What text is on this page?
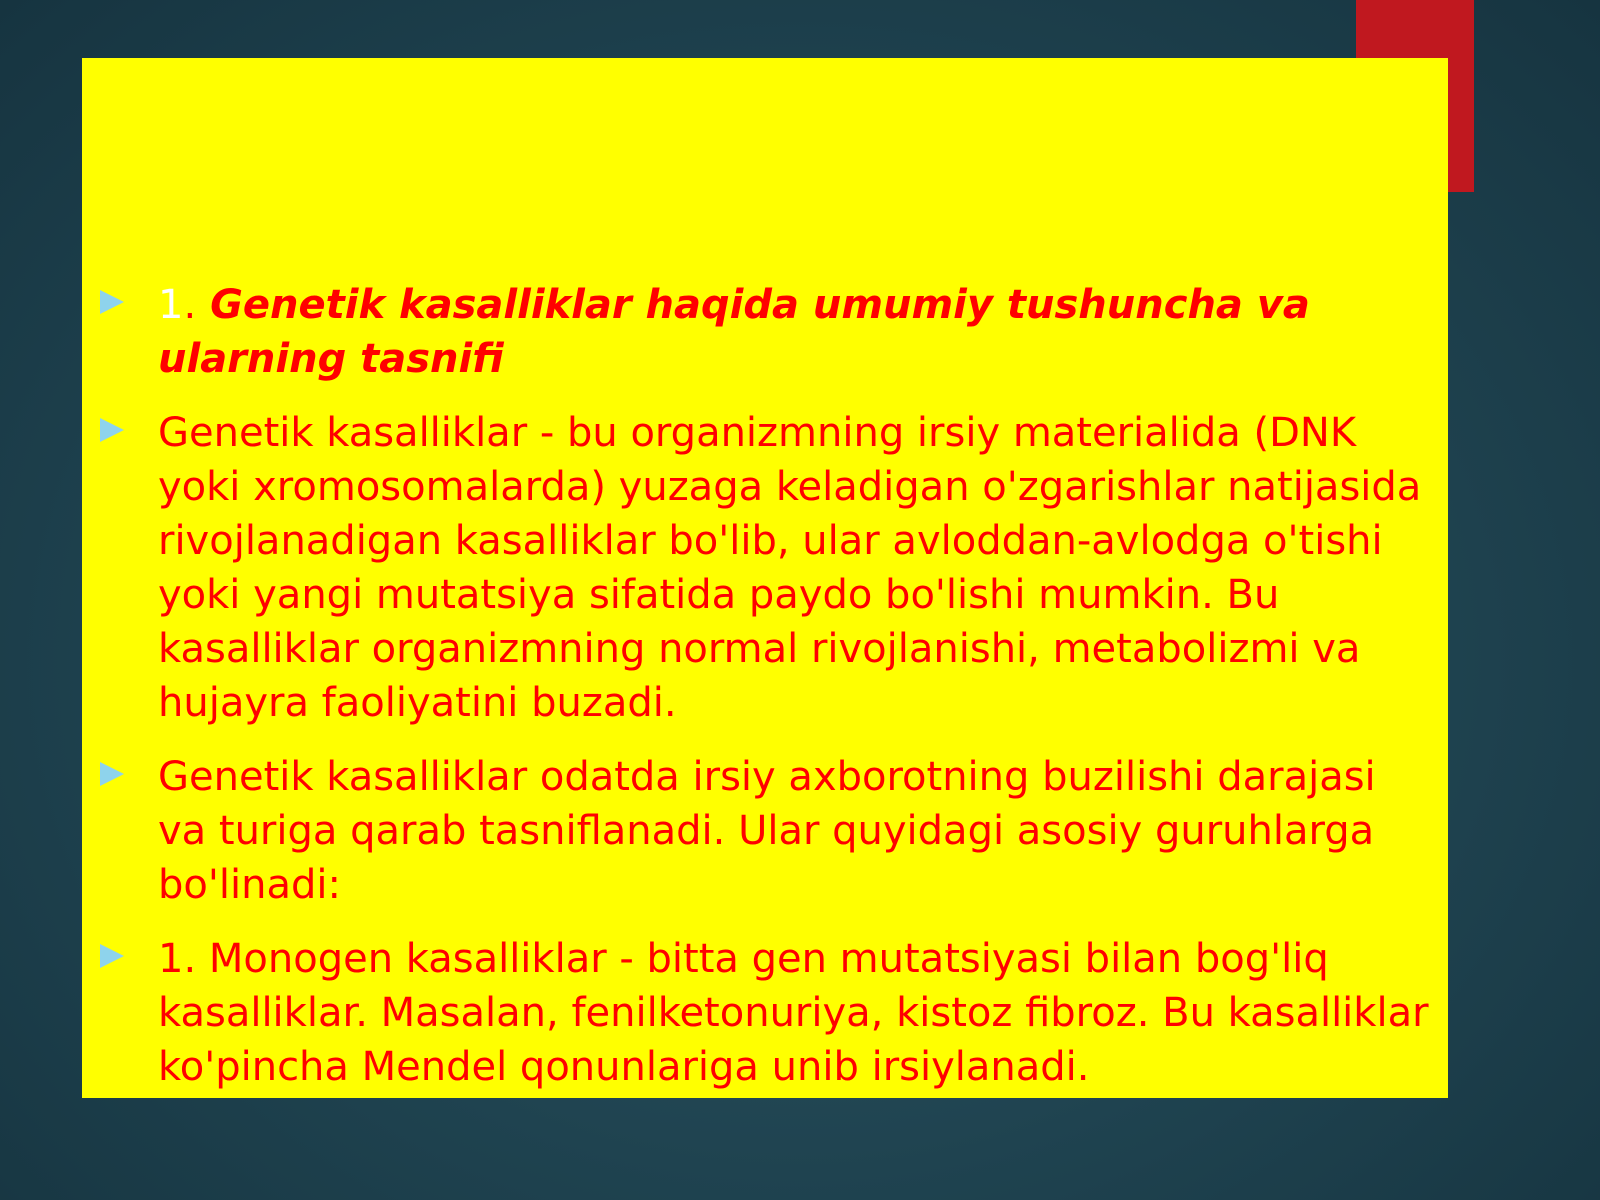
1. Genetik kasalliklar haqida umumiy tushuncha va ularning tasnifi
Genetik kasalliklar - bu organizmning irsiy materialida (DNK yoki xromosomalarda) yuzaga keladigan o'zgarishlar natijasida rivojlanadigan kasalliklar bo'lib, ular avloddan-avlodga o'tishi yoki yangi mutatsiya sifatida paydo bo'lishi mumkin. Bu kasalliklar organizmning normal rivojlanishi, metabolizmi va hujayra faoliyatini buzadi.
Genetik kasalliklar odatda irsiy axborotning buzilishi darajasi va turiga qarab tasniflanadi. Ular quyidagi asosiy guruhlarga bo'linadi:
1. Monogen kasalliklar - bitta gen mutatsiyasi bilan bog'liq kasalliklar. Masalan, fenilketonuriya, kistoz fibroz. Bu kasalliklar ko'pincha Mendel qonunlariga unib irsiylanadi.
